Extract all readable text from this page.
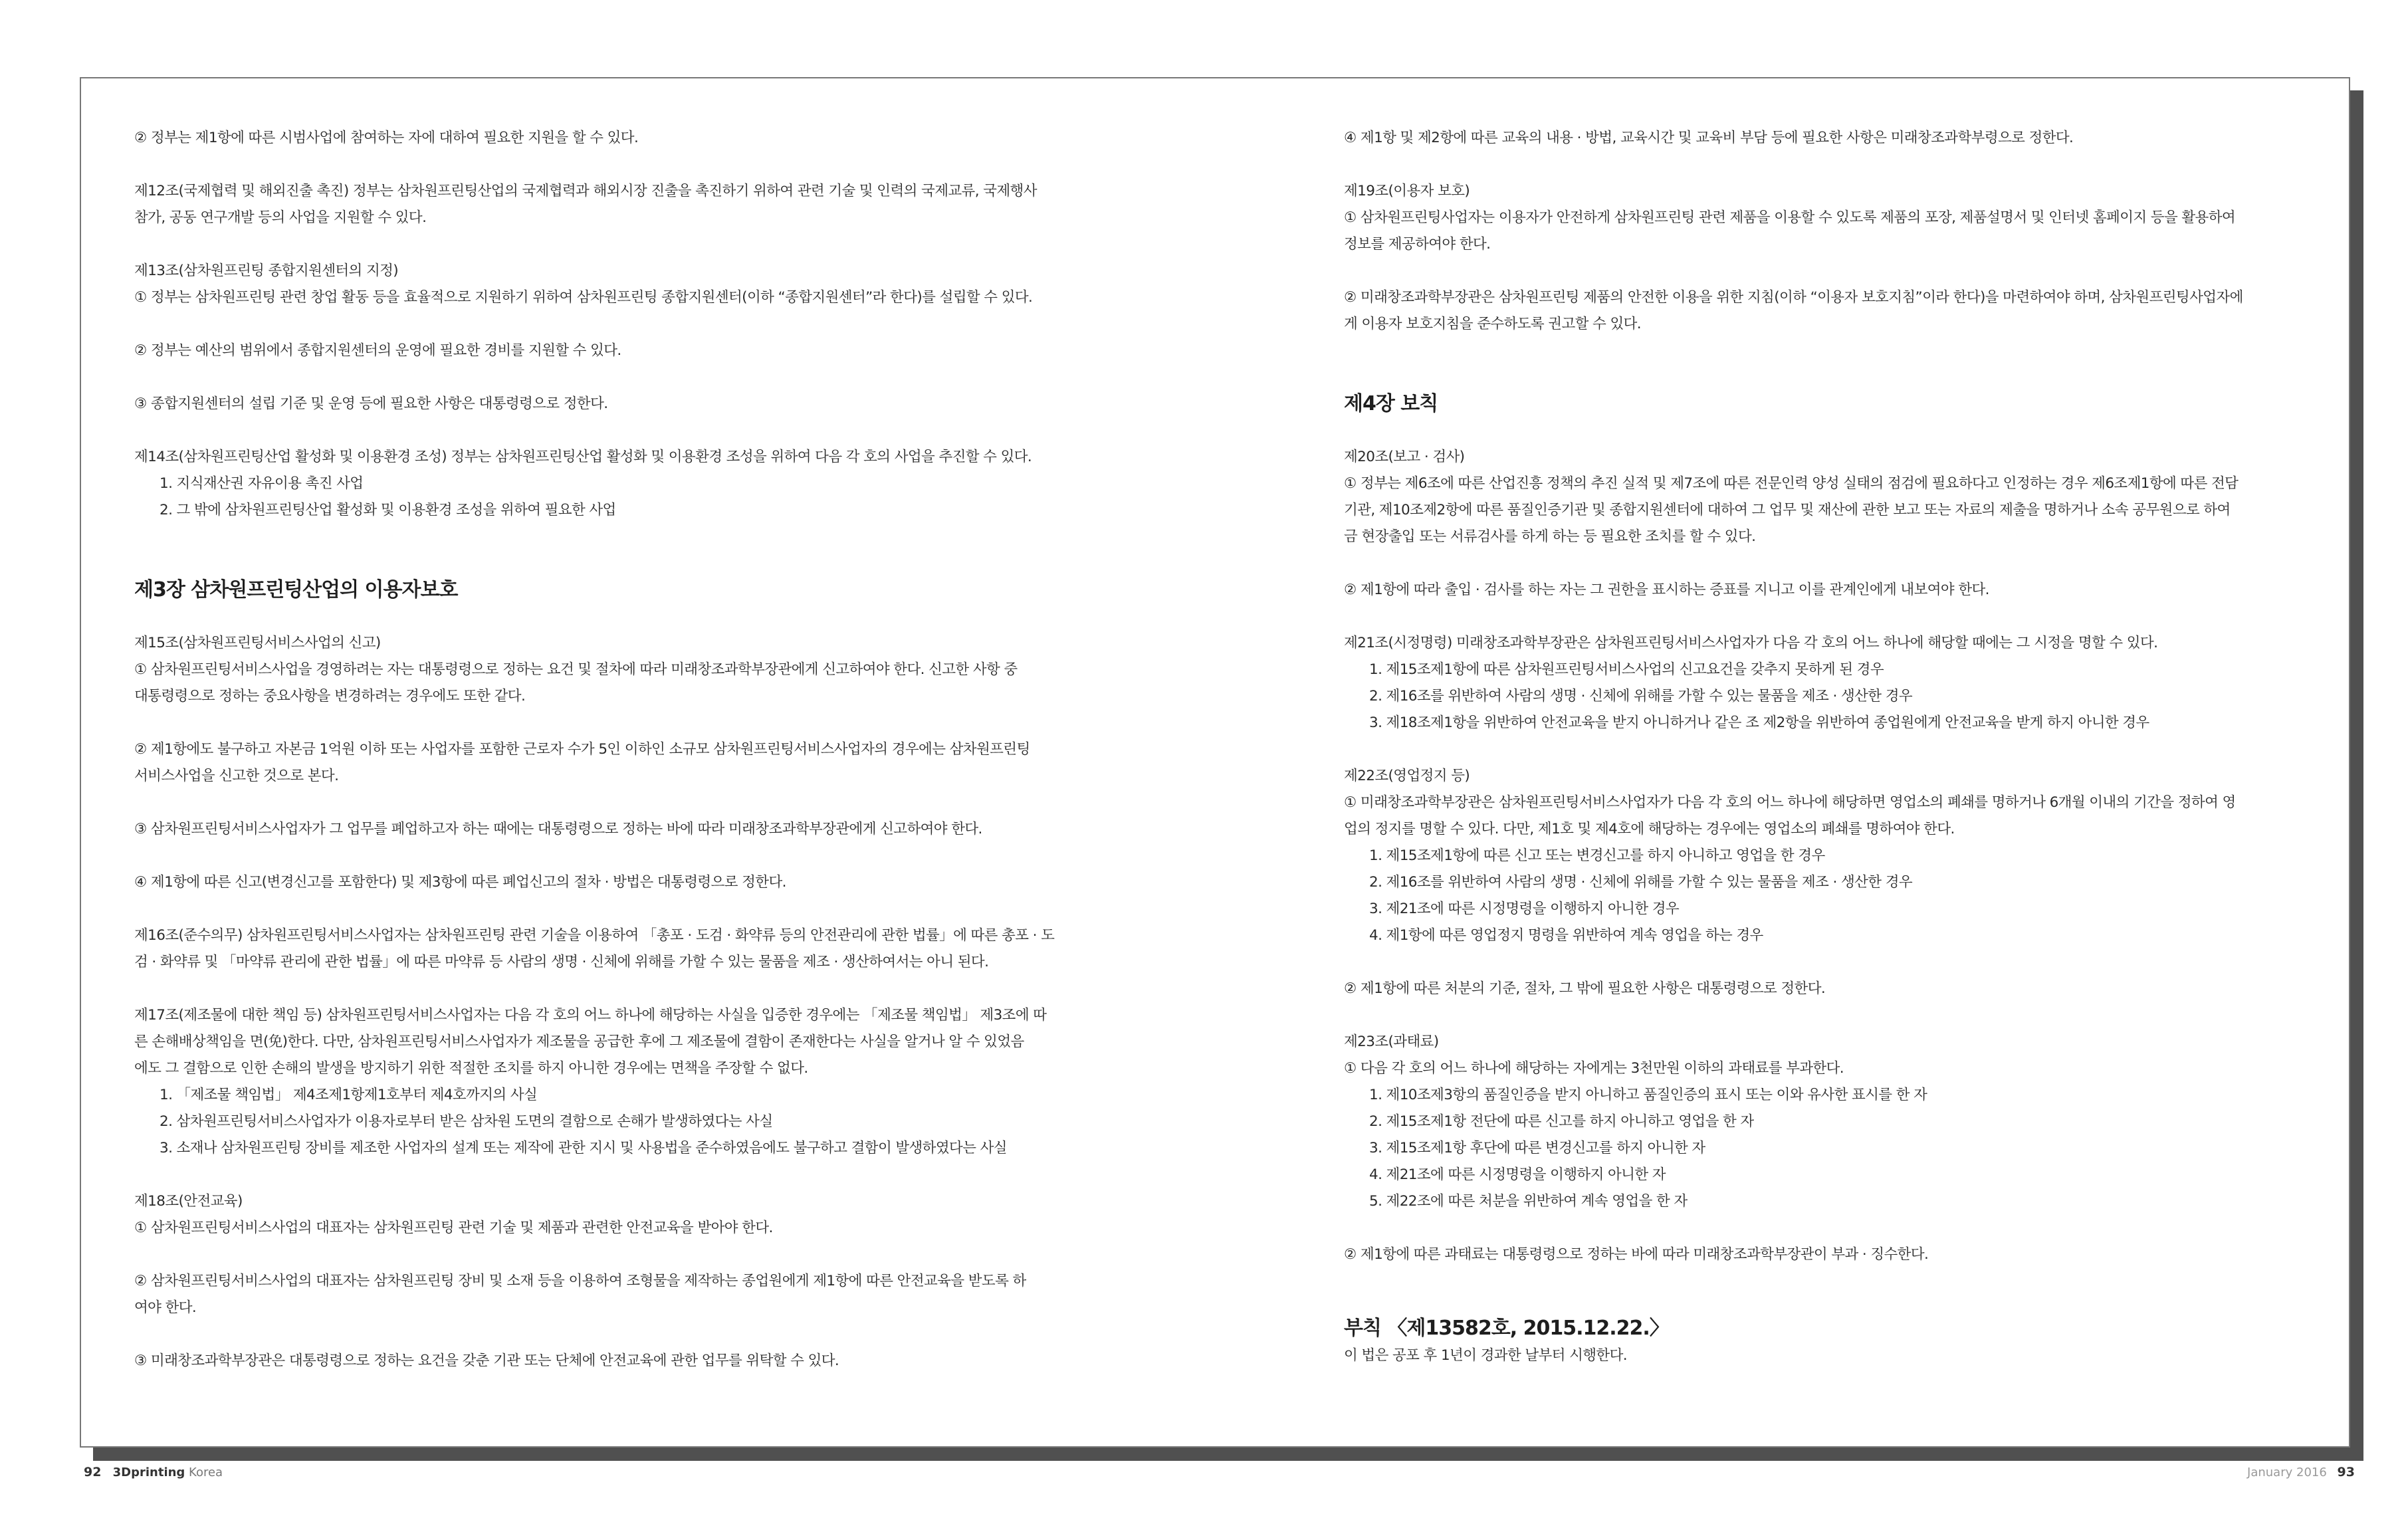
② 정부는 제1항에 따른 시범사업에 참여하는 자에 대하여 필요한 지원을 할 수 있다.

제12조(국제협력 및 해외진출 촉진) 정부는 삼차원프린팅산업의 국제협력과 해외시장 진출을 촉진하기 위하여 관련 기술 및 인력의 국제교류, 국제행사

참가, 공동 연구개발 등의 사업을 지원할 수 있다.

제13조(삼차원프린팅 종합지원센터의 지정)

① 정부는 삼차원프린팅 관련 창업 활동 등을 효율적으로 지원하기 위하여 삼차원프린팅 종합지원센터(이하 “종합지원센터”라 한다)를 설립할 수 있다.

② 정부는 예산의 범위에서 종합지원센터의 운영에 필요한 경비를 지원할 수 있다.

③ 종합지원센터의 설립 기준 및 운영 등에 필요한 사항은 대통령령으로 정한다.

제14조(삼차원프린팅산업 활성화 및 이용환경 조성) 정부는 삼차원프린팅산업 활성화 및 이용환경 조성을 위하여 다음 각 호의 사업을 추진할 수 있다.

1. 지식재산권 자유이용 촉진 사업
2. 그 밖에 삼차원프린팅산업 활성화 및 이용환경 조성을 위하여 필요한 사업
제3장 삼차원프린팅산업의 이용자보호

제15조(삼차원프린팅서비스사업의 신고)

① 삼차원프린팅서비스사업을 경영하려는 자는 대통령령으로 정하는 요건 및 절차에 따라 미래창조과학부장관에게 신고하여야 한다. 신고한 사항 중

대통령령으로 정하는 중요사항을 변경하려는 경우에도 또한 같다.

② 제1항에도 불구하고 자본금 1억원 이하 또는 사업자를 포함한 근로자 수가 5인 이하인 소규모 삼차원프린팅서비스사업자의 경우에는 삼차원프린팅

서비스사업을 신고한 것으로 본다.

③ 삼차원프린팅서비스사업자가 그 업무를 폐업하고자 하는 때에는 대통령령으로 정하는 바에 따라 미래창조과학부장관에게 신고하여야 한다.

④ 제1항에 따른 신고(변경신고를 포함한다) 및 제3항에 따른 폐업신고의 절차 · 방법은 대통령령으로 정한다.

제16조(준수의무) 삼차원프린팅서비스사업자는 삼차원프린팅 관련 기술을 이용하여 「총포 · 도검 · 화약류 등의 안전관리에 관한 법률」에 따른 총포 · 도

검 · 화약류 및 「마약류 관리에 관한 법률」에 따른 마약류 등 사람의 생명 · 신체에 위해를 가할 수 있는 물품을 제조 · 생산하여서는 아니 된다.

제17조(제조물에 대한 책임 등) 삼차원프린팅서비스사업자는 다음 각 호의 어느 하나에 해당하는 사실을 입증한 경우에는 「제조물 책임법」 제3조에 따

른 손해배상책임을 면(免)한다. 다만, 삼차원프린팅서비스사업자가 제조물을 공급한 후에 그 제조물에 결함이 존재한다는 사실을 알거나 알 수 있었음

에도 그 결함으로 인한 손해의 발생을 방지하기 위한 적절한 조치를 하지 아니한 경우에는 면책을 주장할 수 없다.

1. 「제조물 책임법」 제4조제1항제1호부터 제4호까지의 사실
2. 삼차원프린팅서비스사업자가 이용자로부터 받은 삼차원 도면의 결함으로 손해가 발생하였다는 사실
3. 소재나 삼차원프린팅 장비를 제조한 사업자의 설계 또는 제작에 관한 지시 및 사용법을 준수하였음에도 불구하고 결함이 발생하였다는 사실

제18조(안전교육)

① 삼차원프린팅서비스사업의 대표자는 삼차원프린팅 관련 기술 및 제품과 관련한 안전교육을 받아야 한다.

② 삼차원프린팅서비스사업의 대표자는 삼차원프린팅 장비 및 소재 등을 이용하여 조형물을 제작하는 종업원에게 제1항에 따른 안전교육을 받도록 하

여야 한다.

③ 미래창조과학부장관은 대통령령으로 정하는 요건을 갖춘 기관 또는 단체에 안전교육에 관한 업무를 위탁할 수 있다.

④ 제1항 및 제2항에 따른 교육의 내용 · 방법, 교육시간 및 교육비 부담 등에 필요한 사항은 미래창조과학부령으로 정한다.

제19조(이용자 보호)

① 삼차원프린팅사업자는 이용자가 안전하게 삼차원프린팅 관련 제품을 이용할 수 있도록 제품의 포장, 제품설명서 및 인터넷 홈페이지 등을 활용하여

정보를 제공하여야 한다.

② 미래창조과학부장관은 삼차원프린팅 제품의 안전한 이용을 위한 지침(이하 “이용자 보호지침”이라 한다)을 마련하여야 하며, 삼차원프린팅사업자에

게 이용자 보호지침을 준수하도록 권고할 수 있다.

제4장 보칙

제20조(보고 · 검사)

① 정부는 제6조에 따른 산업진흥 정책의 추진 실적 및 제7조에 따른 전문인력 양성 실태의 점검에 필요하다고 인정하는 경우 제6조제1항에 따른 전담

기관, 제10조제2항에 따른 품질인증기관 및 종합지원센터에 대하여 그 업무 및 재산에 관한 보고 또는 자료의 제출을 명하거나 소속 공무원으로 하여

금 현장출입 또는 서류검사를 하게 하는 등 필요한 조치를 할 수 있다.

② 제1항에 따라 출입 · 검사를 하는 자는 그 권한을 표시하는 증표를 지니고 이를 관계인에게 내보여야 한다.

제21조(시정명령) 미래창조과학부장관은 삼차원프린팅서비스사업자가 다음 각 호의 어느 하나에 해당할 때에는 그 시정을 명할 수 있다.

1. 제15조제1항에 따른 삼차원프린팅서비스사업의 신고요건을 갖추지 못하게 된 경우
2. 제16조를 위반하여 사람의 생명 · 신체에 위해를 가할 수 있는 물품을 제조 · 생산한 경우
3. 제18조제1항을 위반하여 안전교육을 받지 아니하거나 같은 조 제2항을 위반하여 종업원에게 안전교육을 받게 하지 아니한 경우

제22조(영업정지 등)

① 미래창조과학부장관은 삼차원프린팅서비스사업자가 다음 각 호의 어느 하나에 해당하면 영업소의 폐쇄를 명하거나 6개월 이내의 기간을 정하여 영

업의 정지를 명할 수 있다. 다만, 제1호 및 제4호에 해당하는 경우에는 영업소의 폐쇄를 명하여야 한다.

1. 제15조제1항에 따른 신고 또는 변경신고를 하지 아니하고 영업을 한 경우
2. 제16조를 위반하여 사람의 생명 · 신체에 위해를 가할 수 있는 물품을 제조 · 생산한 경우
3. 제21조에 따른 시정명령을 이행하지 아니한 경우
4. 제1항에 따른 영업정지 명령을 위반하여 계속 영업을 하는 경우

② 제1항에 따른 처분의 기준, 절차, 그 밖에 필요한 사항은 대통령령으로 정한다.

제23조(과태료)

① 다음 각 호의 어느 하나에 해당하는 자에게는 3천만원 이하의 과태료를 부과한다.

1. 제10조제3항의 품질인증을 받지 아니하고 품질인증의 표시 또는 이와 유사한 표시를 한 자
2. 제15조제1항 전단에 따른 신고를 하지 아니하고 영업을 한 자
3. 제15조제1항 후단에 따른 변경신고를 하지 아니한 자
4. 제21조에 따른 시정명령을 이행하지 아니한 자
5. 제22조에 따른 처분을 위반하여 계속 영업을 한 자

② 제1항에 따른 과태료는 대통령령으로 정하는 바에 따라 미래창조과학부장관이 부과 · 징수한다.

부칙 〈제13582호, 2015.12.22.〉

이 법은 공포 후 1년이 경과한 날부터 시행한다.

92 3Dprinting Korea	January 2016 93
